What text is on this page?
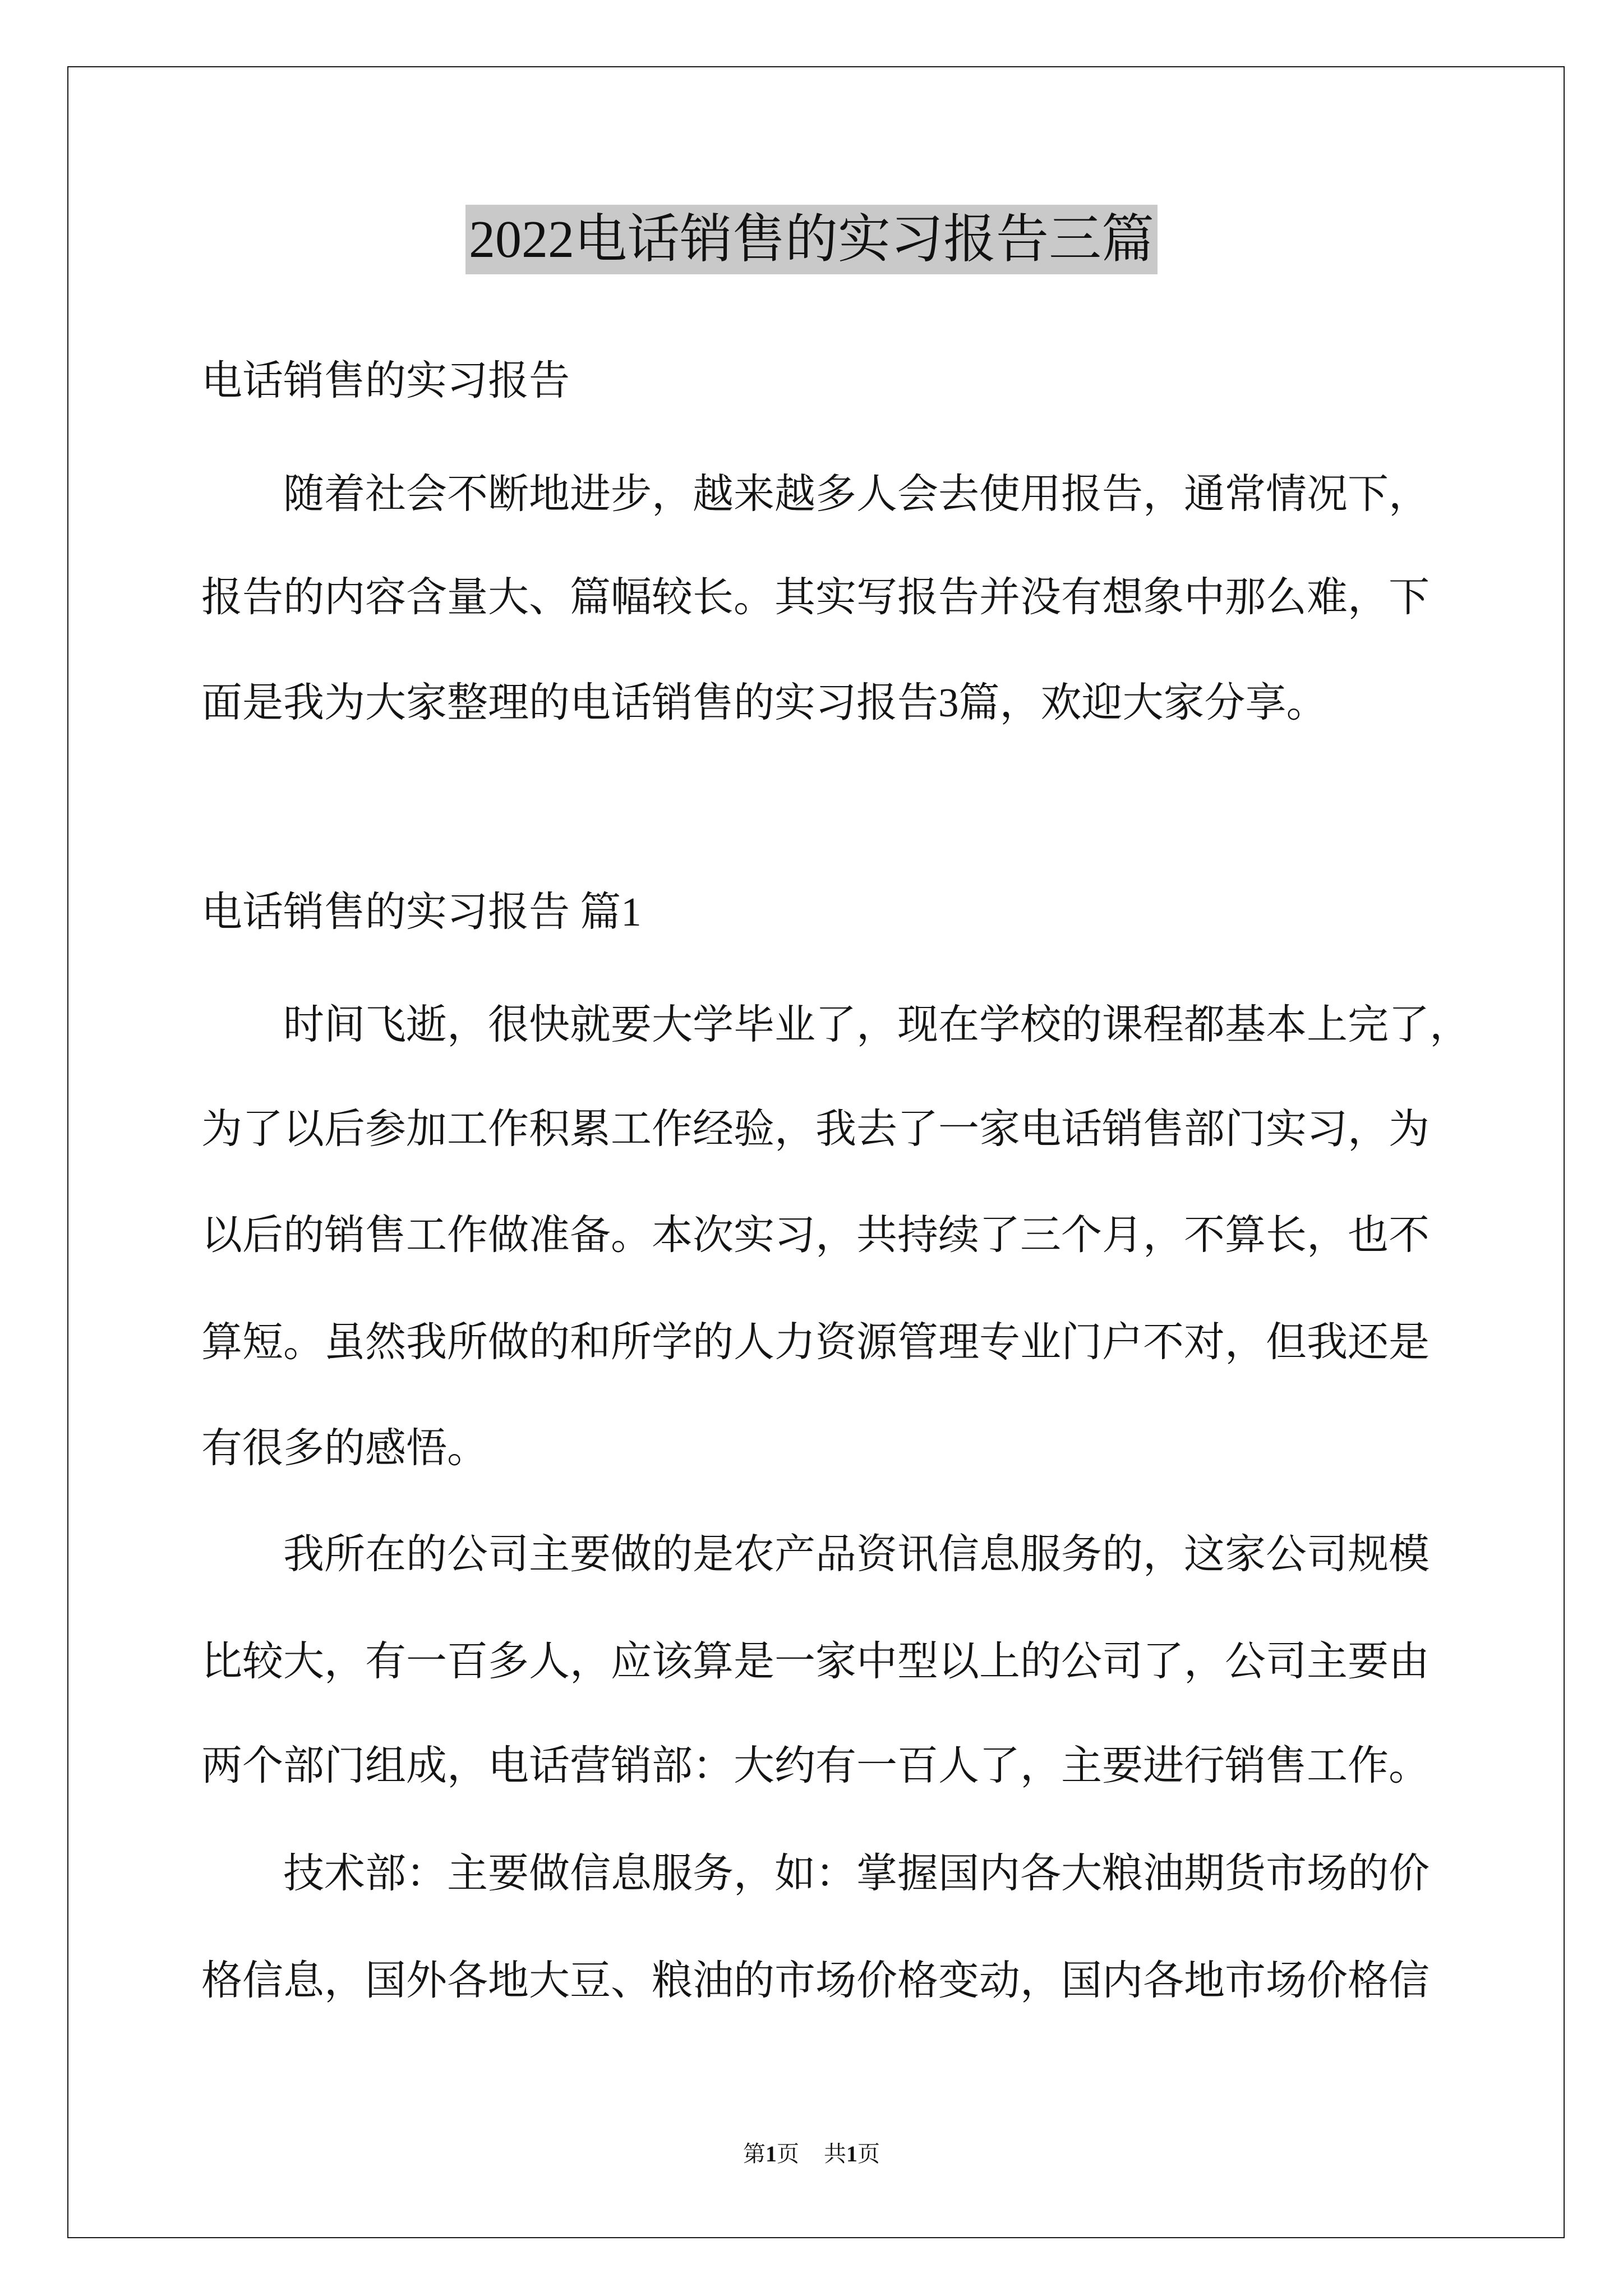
2022电话销售的实习报告三篇
电话销售的实习报告
随着社会不断地进步，越来越多人会去使用报告，通常情况下，
报告的内容含量大、篇幅较长。其实写报告并没有想象中那么难，下
面是我为大家整理的电话销售的实习报告3篇，欢迎大家分享。
电话销售的实习报告 篇1
时间飞逝，很快就要大学毕业了，现在学校的课程都基本上完了，
为了以后参加工作积累工作经验，我去了一家电话销售部门实习，为
以后的销售工作做准备。本次实习，共持续了三个月，不算长，也不
算短。虽然我所做的和所学的人力资源管理专业门户不对，但我还是
有很多的感悟。
我所在的公司主要做的是农产品资讯信息服务的，这家公司规模
比较大，有一百多人，应该算是一家中型以上的公司了，公司主要由
两个部门组成，电话营销部：大约有一百人了，主要进行销售工作。
技术部：主要做信息服务，如：掌握国内各大粮油期货市场的价
格信息，国外各地大豆、粮油的市场价格变动，国内各地市场价格信
第1页 共1页
